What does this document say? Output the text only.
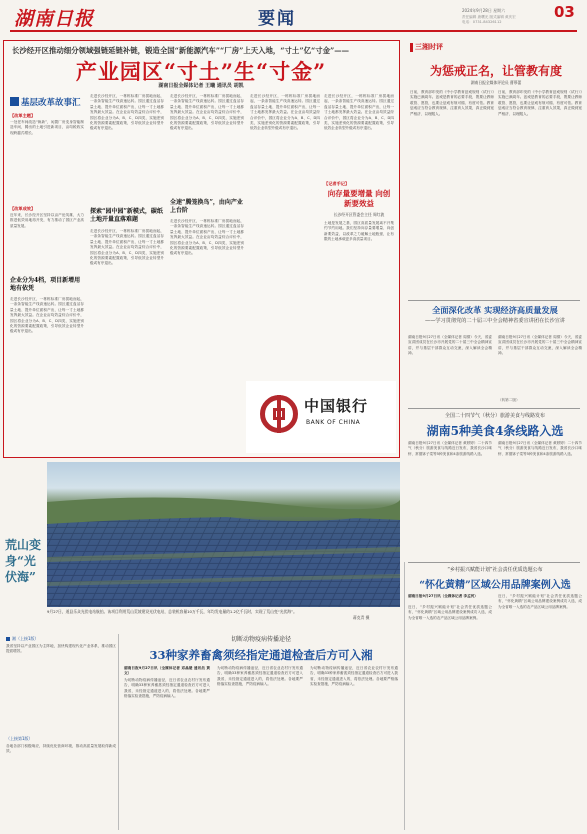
湖南日报	要闻	2024年9月28日 星期六	03
责任编辑 唐曙光 版式编辑 黄庆宏
电话：0731-84326112
长沙经开区推动细分领域强链延链补链，锻造全国“新能源汽车”“厂房”上天入地，“寸土”亿“寸金”——
产业园区“寸土”生“寸金”
湖南日报全媒体记者 王曦 通讯员 胡凯
基层改革故事汇
【改革主题】
一处老车间改造“焕新”，闲置厂房变身智能制造车间，腾出的土地引进新项目，亩均税收实现跨越式增长。
【改革成效】
近年来，长沙经开区坚持以亩产论英雄，大力推进低效用地再开发，有力推动了园区产业高质量发展。
企业分为4档，项目新增用地有依凭
走进长沙经开区，一栋栋标准厂房拔地而起，一条条智能生产线高速运转。园区通过盘活存量土地、提升单位面积产出，让每一寸土地都发挥最大效益。在企业亩均效益综合评价中，园区将企业分为A、B、C、D四类，实施差别化的资源要素配置政策，引导低效企业转型升级或有序退出。
走进长沙经开区，一栋栋标准厂房拔地而起，一条条智能生产线高速运转。园区通过盘活存量土地、提升单位面积产出，让每一寸土地都发挥最大效益。在企业亩均效益综合评价中，园区将企业分为A、B、C、D四类，实施差别化的资源要素配置政策，引导低效企业转型升级或有序退出。
探索“园中园”新模式，碳纸土地开量直落难题
走进长沙经开区，一栋栋标准厂房拔地而起，一条条智能生产线高速运转。园区通过盘活存量土地、提升单位面积产出，让每一寸土地都发挥最大效益。在企业亩均效益综合评价中，园区将企业分为A、B、C、D四类，实施差别化的资源要素配置政策，引导低效企业转型升级或有序退出。
走进长沙经开区，一栋栋标准厂房拔地而起，一条条智能生产线高速运转。园区通过盘活存量土地、提升单位面积产出，让每一寸土地都发挥最大效益。在企业亩均效益综合评价中，园区将企业分为A、B、C、D四类，实施差别化的资源要素配置政策，引导低效企业转型升级或有序退出。
全速“腾笼换鸟”，由向产业上台阶
走进长沙经开区，一栋栋标准厂房拔地而起，一条条智能生产线高速运转。园区通过盘活存量土地、提升单位面积产出，让每一寸土地都发挥最大效益。在企业亩均效益综合评价中，园区将企业分为A、B、C、D四类，实施差别化的资源要素配置政策，引导低效企业转型升级或有序退出。
走进长沙经开区，一栋栋标准厂房拔地而起，一条条智能生产线高速运转。园区通过盘活存量土地、提升单位面积产出，让每一寸土地都发挥最大效益。在企业亩均效益综合评价中，园区将企业分为A、B、C、D四类，实施差别化的资源要素配置政策，引导低效企业转型升级或有序退出。
走进长沙经开区，一栋栋标准厂房拔地而起，一条条智能生产线高速运转。园区通过盘活存量土地、提升单位面积产出，让每一寸土地都发挥最大效益。在企业亩均效益综合评价中，园区将企业分为A、B、C、D四类，实施差别化的资源要素配置政策，引导低效企业转型升级或有序退出。
【记者手记】
向存量要增量 向创新要效益
长沙经开区管委会主任 周红波
土地是发展之基，园区高质量发展离不开集约节约用地。我们坚持向存量要增量、向创新要效益，以改革之力破解土地瓶颈，让有限的土地承载更多高质量项目。
中国银行
BANK OF CHINA
三湘时评
为惩戒正名，让管教有度
湖南日报全媒体评论员 曹慕蕾
日前，教育部印发的《中小学教育惩戒规则（试行）》实施已满周年。惩戒是教育的必要手段，既要让教师敢管、愿管，也要让惩戒有规可循、有度可依。教育惩戒应当符合教育规律，注重育人效果，真正做到宽严相济、以理服人。
日前，教育部印发的《中小学教育惩戒规则（试行）》实施已满周年。惩戒是教育的必要手段，既要让教师敢管、愿管，也要让惩戒有规可循、有度可依。教育惩戒应当符合教育规律，注重育人效果，真正做到宽严相济、以理服人。
全面深化改革 实现经济高质量发展
——学习贯彻党的二十届三中全会精神省委宣讲团在长沙宣讲
湖南日报9月27日讯（全媒体记者 周倩）今天，省委宣讲团成员在长沙市开展党的二十届三中全会精神宣讲，并与基层干部群众互动交流，深入解读全会精神。
湖南日报9月27日讯（全媒体记者 周倩）今天，省委宣讲团成员在长沙市开展党的二十届三中全会精神宣讲，并与基层干部群众互动交流，深入解读全会精神。
（转第二版）
全国二十四节气（秋分）旅游美食与线路发布
湖南5种美食4条线路入选
湖南日报9月27日讯（全媒体记者 黄婷婷）二十四节气（秋分）旅游美食与线路近日发布，我省长沙口味虾、常德钵子菜等5种美食和4条旅游线路入选。
湖南日报9月27日讯（全媒体记者 黄婷婷）二十四节气（秋分）旅游美食与线路近日发布，我省长沙口味虾、常德钵子菜等5种美食和4条旅游线路入选。
荒山变身“光伏海”
9月27日，道县乐众光伏电站航拍。该项目利用荒山荒坡建设光伏电站，总装机容量10万千瓦，年均发电量约1.2亿千瓦时，实现了荒山变“光伏海”。
蒋克青 摄
湘（上接1版）
我省坚持以产业园区为主阵地，加快构建现代化产业体系，推动园区提质增效。
（上接第1版）
各地各部门积极响应，持续优化营商环境，推动高质量发展取得新成效。
切断动物疫病传播途径
33种家养畜禽须经指定通道检查后方可入湘
湖南日报9月27日讯（全媒体记者 邓晶琎 通讯员 黄文）
为切断动物疫病传播途径，近日省农业农村厅发布通告，明确33种家养畜禽须经指定通道检查后方可进入我省，未经指定通道进入的，将依法处理。各地要严格落实检查措施，严防疫病输入。
为切断动物疫病传播途径，近日省农业农村厅发布通告，明确33种家养畜禽须经指定通道检查后方可进入我省，未经指定通道进入的，将依法处理。各地要严格落实检查措施，严防疫病输入。
为切断动物疫病传播途径，近日省农业农村厅发布通告，明确33种家养畜禽须经指定通道检查后方可进入我省，未经指定通道进入的，将依法处理。各地要严格落实检查措施，严防疫病输入。
“乡村振兴赋能计划”社会责任优质选题公布
“怀化黄精”区域公用品牌案例入选
湖南日报9月27日讯（全媒体记者 李孟河）
近日，“乡村振兴赋能计划”社会责任优质选题公布，“怀化黄精”区域公用品牌建设案例成功入选，成为全省唯一入选的农产品区域公用品牌案例。
近日，“乡村振兴赋能计划”社会责任优质选题公布，“怀化黄精”区域公用品牌建设案例成功入选，成为全省唯一入选的农产品区域公用品牌案例。
